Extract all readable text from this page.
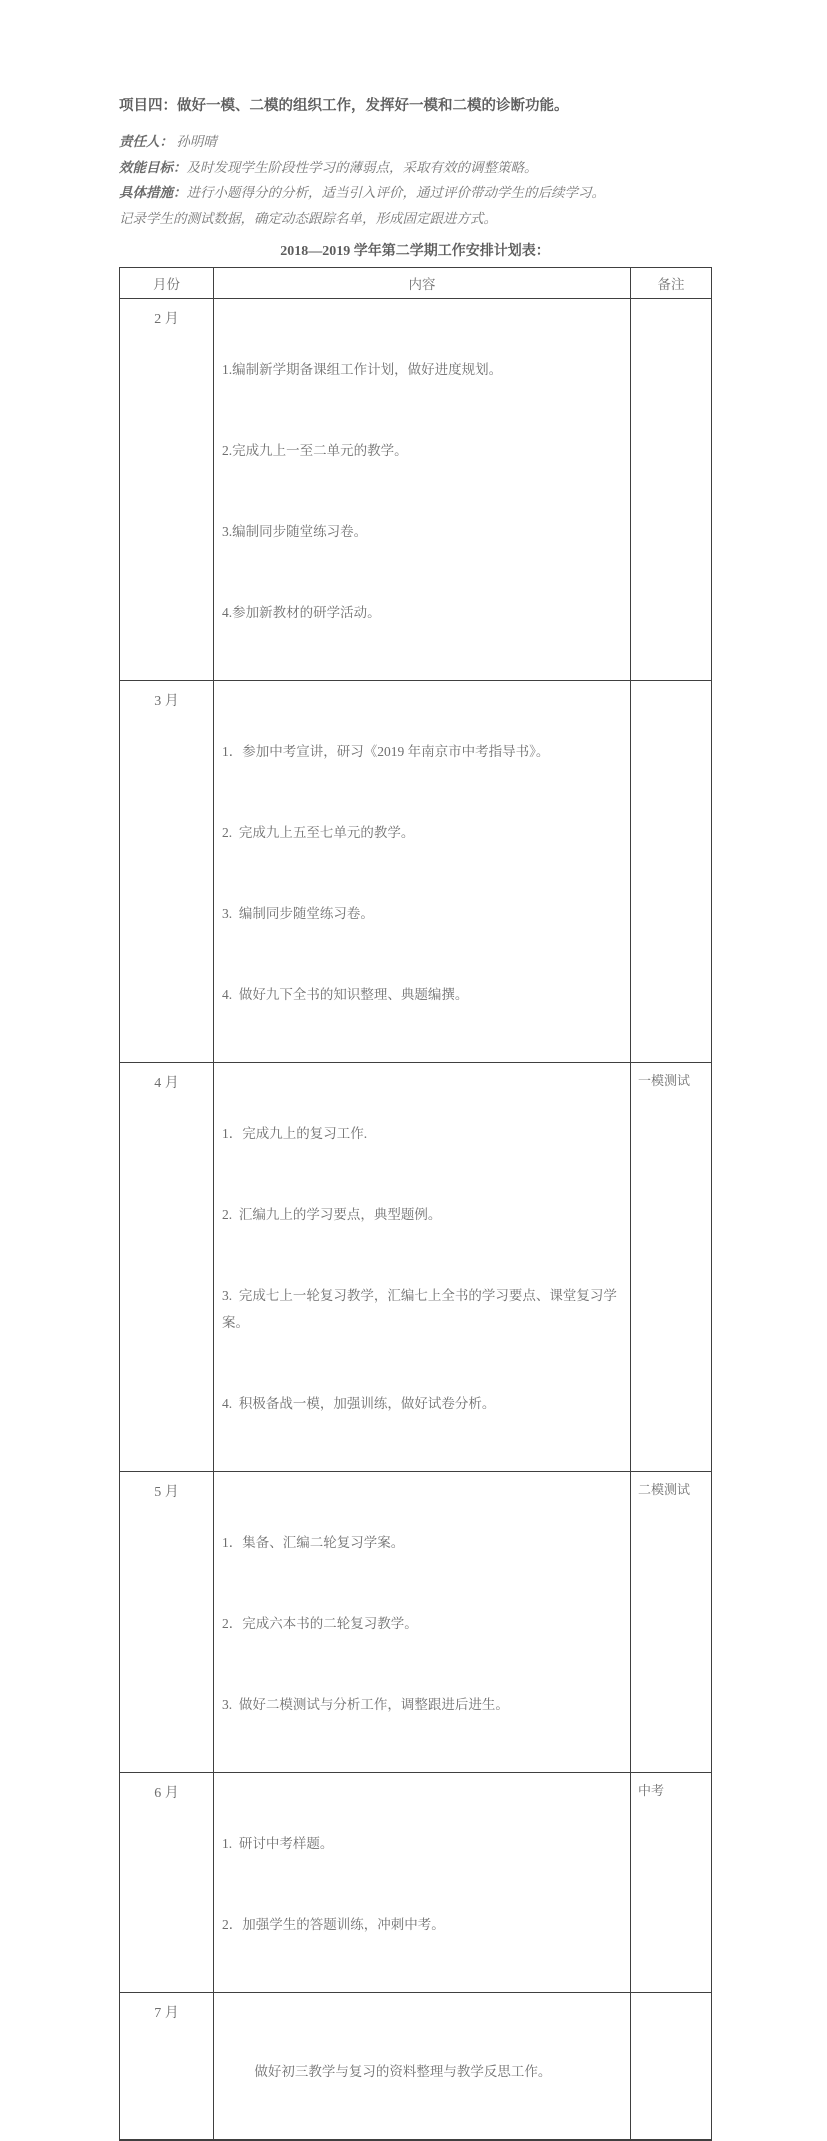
项目四：做好一模、二模的组织工作，发挥好一模和二模的诊断功能。

责任人： 孙明晴
效能目标：及时发现学生阶段性学习的薄弱点，采取有效的调整策略。
具体措施：进行小题得分的分析，适当引入评价，通过评价带动学生的后续学习。
记录学生的测试数据，确定动态跟踪名单，形成固定跟进方式。

2018—2019 学年第二学期工作安排计划表：

月份	内容	备注
2 月	1.编制新学期备课组工作计划，做好进度规划。

2.完成九上一至二单元的教学。

3.编制同步随堂练习卷。

4.参加新教材的研学活动。	

3 月	1．参加中考宣讲，研习《2019 年南京市中考指导书》。

2.  完成九上五至七单元的教学。

3.  编制同步随堂练习卷。

4.  做好九下全书的知识整理、典题编撰。	

4 月	1．完成九上的复习工作.

2.  汇编九上的学习要点，典型题例。

3.  完成七上一轮复习教学，汇编七上全书的学习要点、课堂复习学案。

4.  积极备战一模，加强训练，做好试卷分析。	一模测试
5 月	1．集备、汇编二轮复习学案。

2．完成六本书的二轮复习教学。

3.  做好二模测试与分析工作，调整跟进后进生。	二模测试
6 月	1.  研讨中考样题。

2．加强学生的答题训练，冲刺中考。	中考
7 月	做好初三教学与复习的资料整理与教学反思工作。	
